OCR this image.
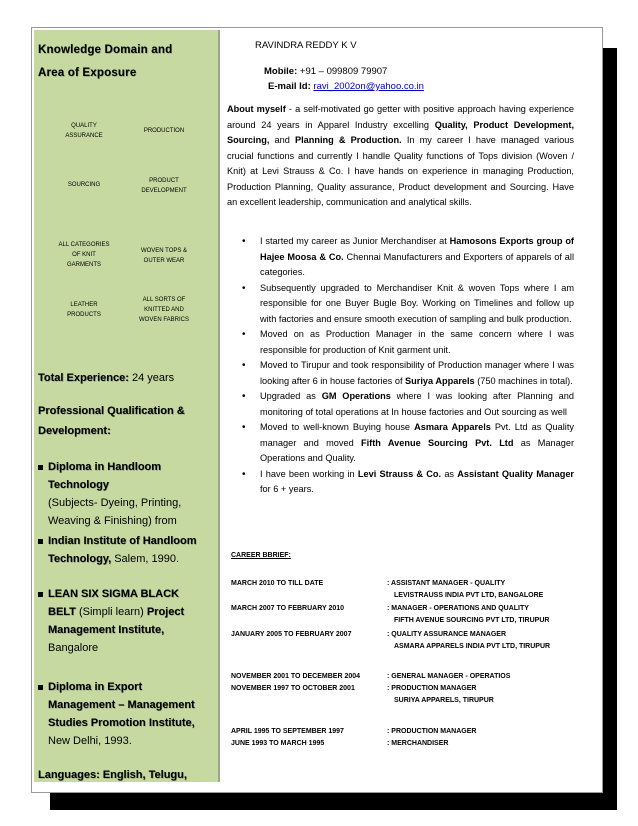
Knowledge Domain and
Area of Exposure
QUALITY
ASSURANCE
PRODUCTION
SOURCING
PRODUCT
DEVELOPMENT
ALL CATEGORIES
OF KNIT
GARMENTS
WOVEN TOPS &
OUTER WEAR
LEATHER
PRODUCTS
ALL SORTS OF
KNITTED AND
WOVEN FABRICS
Total Experience: 24 years
Professional Qualification &
Development:
Diploma in Handloom
Technology
(Subjects- Dyeing, Printing,
Weaving & Finishing) from
Indian Institute of Handloom
Technology, Salem, 1990.
LEAN SIX SIGMA BLACK
BELT (Simpli learn) Project
Management Institute,
Bangalore
Diploma in Export
Management – Management
Studies Promotion Institute,
New Delhi, 1993.
Languages: English, Telugu,
RAVINDRA REDDY K V
Mobile: +91 – 099809 79907
E-mail Id: ravi_2002on@yahoo.co.in
About myself - a self-motivated go getter with positive approach having experience around 24 years in Apparel Industry excelling Quality, Product Development, Sourcing, and Planning & Production. In my career I have managed various crucial functions and currently I handle Quality functions of Tops division (Woven / Knit) at Levi Strauss & Co. I have hands on experience in managing Production, Production Planning, Quality assurance, Product development and Sourcing. Have an excellent leadership, communication and analytical skills.
• I started my career as Junior Merchandiser at Hamosons Exports group of Hajee Moosa & Co. Chennai Manufacturers and Exporters of apparels of all categories.
• Subsequently upgraded to Merchandiser Knit & woven Tops where I am responsible for one Buyer Bugle Boy. Working on Timelines and follow up with factories and ensure smooth execution of sampling and bulk production.
• Moved on as Production Manager in the same concern where I was responsible for production of Knit garment unit.
• Moved to Tirupur and took responsibility of Production manager where I was looking after 6 in house factories of Suriya Apparels (750 machines in total).
• Upgraded as GM Operations where I was looking after Planning and monitoring of total operations at In house factories and Out sourcing as well
• Moved to well-known Buying house Asmara Apparels Pvt. Ltd as Quality manager and moved Fifth Avenue Sourcing Pvt. Ltd as Manager Operations and Quality.
• I have been working in Levi Strauss & Co. as Assistant Quality Manager for 6 + years.
CAREER BBRIEF:
MARCH 2010 TO TILL DATE	: ASSISTANT MANAGER - QUALITY
LEVISTRAUSS INDIA PVT LTD, BANGALORE
MARCH 2007 TO FEBRUARY 2010	: MANAGER - OPERATIONS AND QUALITY
FIFTH AVENUE SOURCING PVT LTD, TIRUPUR
JANUARY 2005 TO FEBRUARY 2007	: QUALITY ASSURANCE MANAGER
ASMARA APPARELS INDIA PVT LTD, TIRUPUR
NOVEMBER 2001 TO DECEMBER 2004	: GENERAL MANAGER - OPERATIOS
NOVEMBER 1997 TO OCTOBER 2001	: PRODUCTION MANAGER
SURIYA APPARELS, TIRUPUR
APRIL 1995 TO SEPTEMBER 1997	: PRODUCTION MANAGER
JUNE 1993 TO MARCH 1995	: MERCHANDISER
